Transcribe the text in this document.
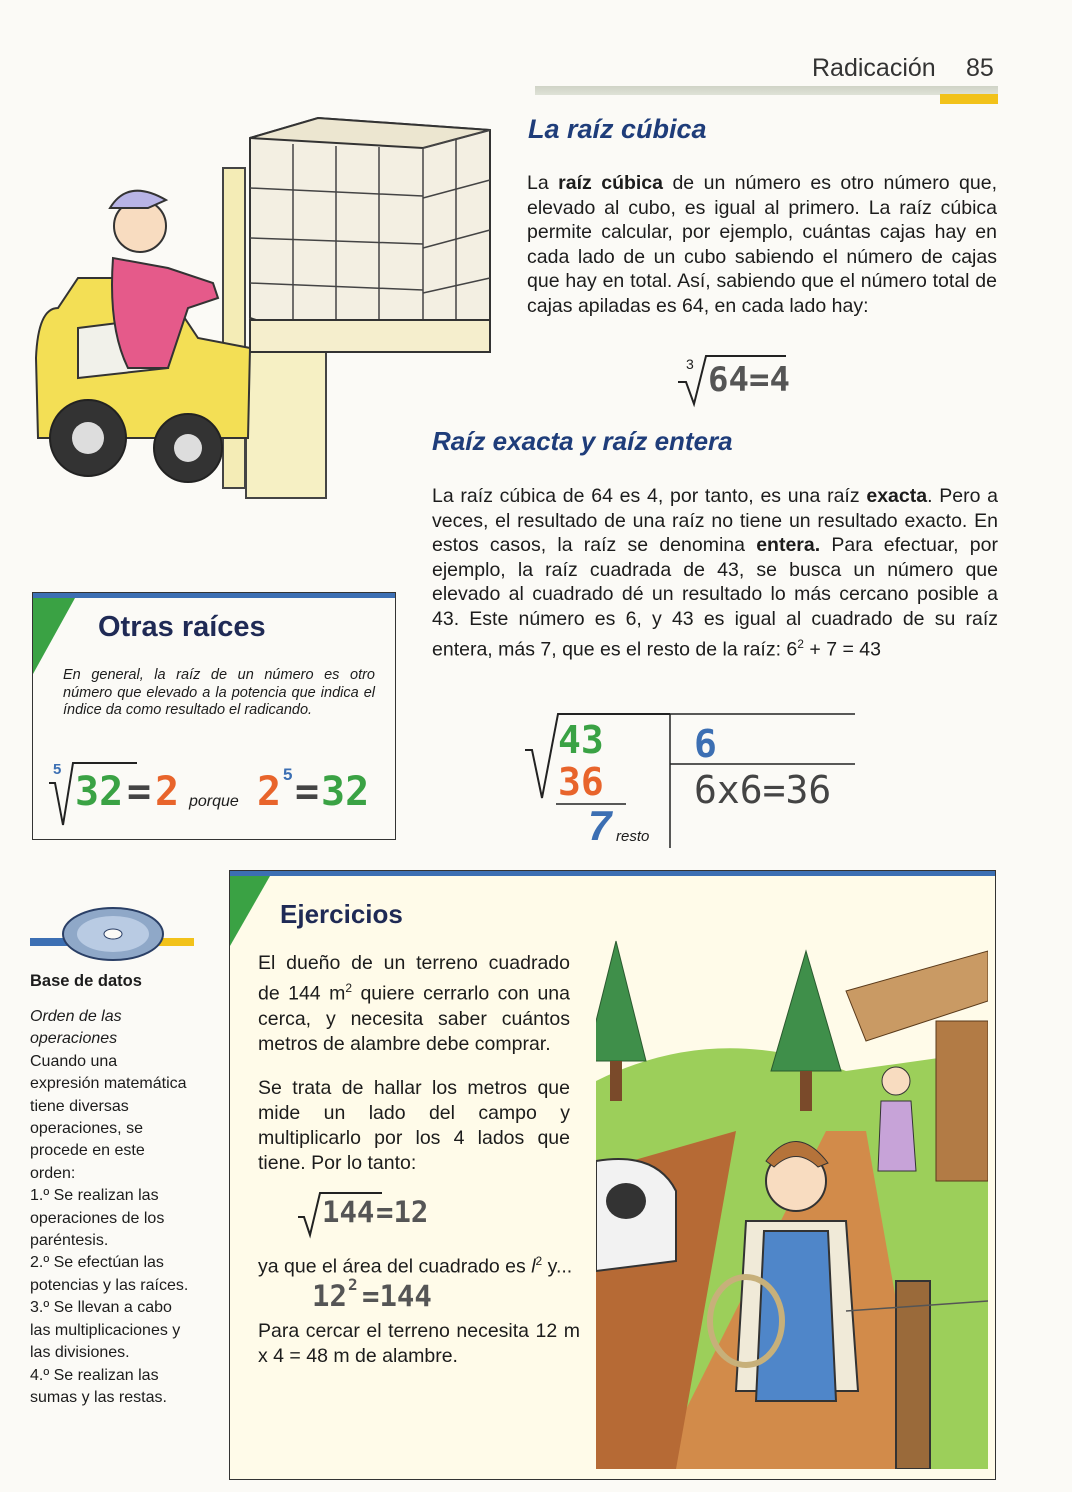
Radicación 85
La raíz cúbica

La raíz cúbica de un número es otro número que, elevado al cubo, es igual al primero. La raíz cúbica permite calcular, por ejemplo, cuántas cajas hay en cada lado de un cubo sabiendo el número de cajas que hay en total. Así, sabiendo que el número total de cajas apiladas es 64, en cada lado hay:

3 64 =4
Raíz exacta y raíz entera

La raíz cúbica de 64 es 4, por tanto, es una raíz exacta. Pero a veces, el resultado de una raíz no tiene un resultado exacto. En estos casos, la raíz se denomina entera. Para efectuar, por ejemplo, la raíz cuadrada de 43, se busca un número que elevado al cuadrado dé un resultado lo más cercano posible a 43. Este número es 6, y 43 es igual al cuadrado de su raíz entera, más 7, que es el resto de la raíz: $6^2 + 7 = 43$

43
36
7 resto
6
6x6=36
Otras raíces
En general, la raíz de un número es otro número que elevado a la potencia que indica el índice da como resultado el radicando.
5 32 = 2 porque 2 5 = 32
Base de datos
Orden de las operaciones
Cuando una expresión matemática tiene diversas operaciones, se procede en este orden:
1.º Se realizan las operaciones de los paréntesis.
2.º Se efectúan las potencias y las raíces.
3.º Se llevan a cabo las multiplicaciones y las divisiones.
4.º Se realizan las sumas y las restas.
Ejercicios

El dueño de un terreno cuadrado de 144 $m^2$ quiere cerrarlo con una cerca, y necesita saber cuántos metros de alambre debe comprar.

Se trata de hallar los metros que mide un lado del campo y multiplicarlo por los 4 lados que tiene. Por lo tanto:

144 =12

ya que el área del cuadrado es $l^2$ y...

12 2 =144

Para cercar el terreno necesita 12 m x 4 = 48 m de alambre.
